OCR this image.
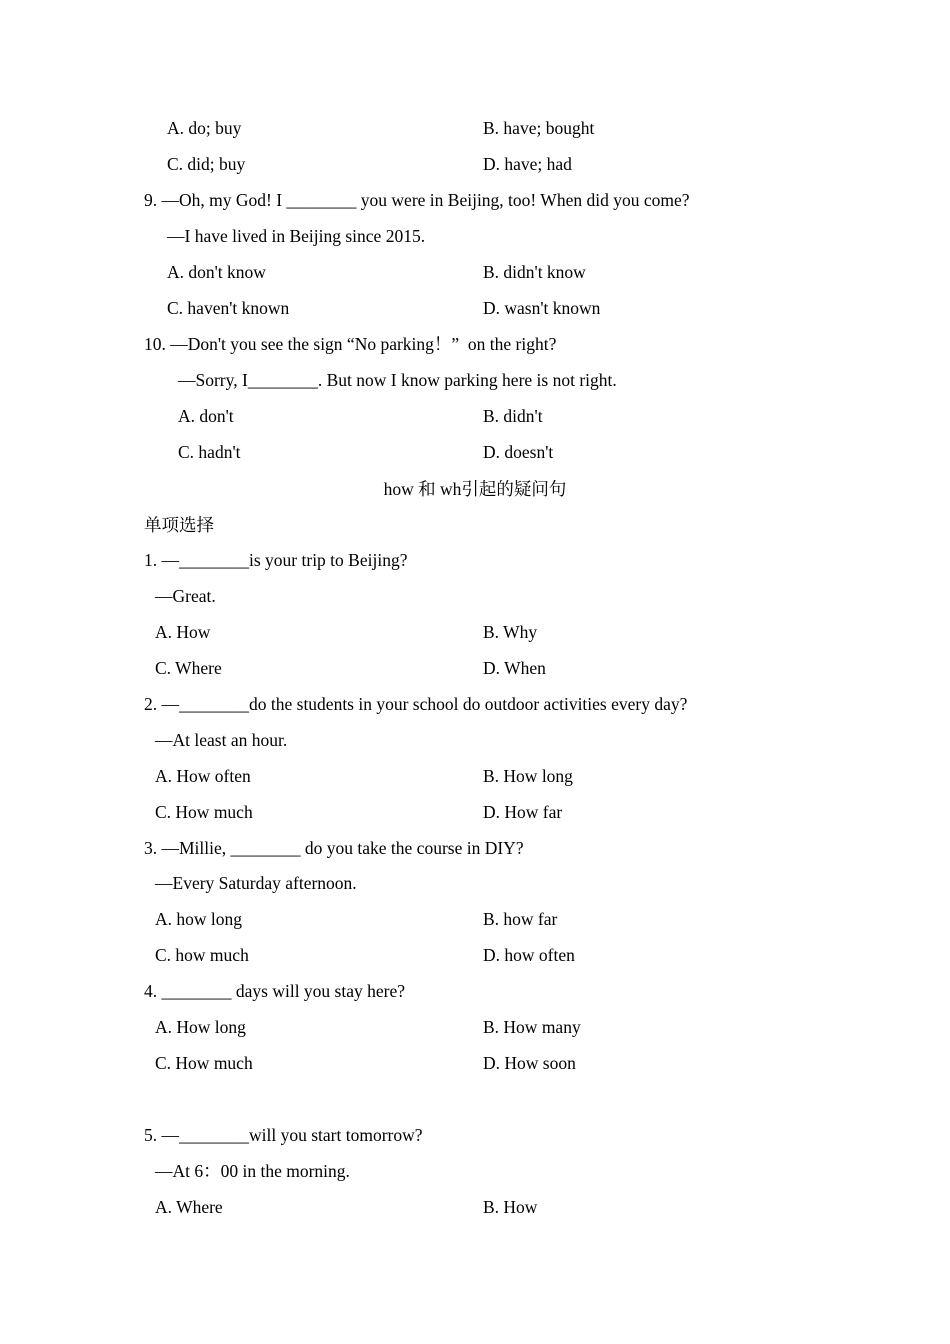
A. do; buy	B. have; bought
C. did; buy	D. have; had
9. —Oh, my God! I ________ you were in Beijing, too! When did you come?
—I have lived in Beijing since 2015.
A. don't know	B. didn't know
C. haven't known	D. wasn't known
10. —Don't you see the sign “No parking！”  on the right?
—Sorry, I________. But now I know parking here is not right.
A. don't	B. didn't
C. hadn't	D. doesn't
how 和 wh引起的疑问句
单项选择
1. —________is your trip to Beijing?
—Great.
A. How	B. Why
C. Where	D. When
2. —________do the students in your school do outdoor activities every day?
—At least an hour.
A. How often	B. How long
C. How much	D. How far
3. —Millie, ________ do you take the course in DIY?
—Every Saturday afternoon.
A. how long	B. how far
C. how much	D. how often
4. ________ days will you stay here?
A. How long	B. How many
C. How much	D. How soon
5. —________will you start tomorrow?
—At 6：00 in the morning.
A. Where	B. How
